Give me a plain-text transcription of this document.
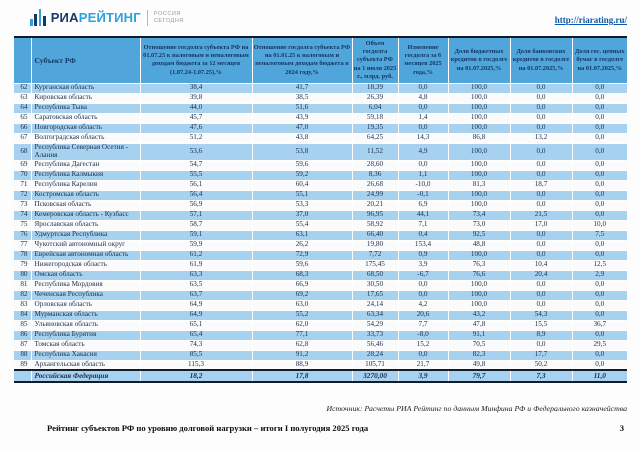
РИАРЕЙТИНГ РОССИЯ
СЕГОДНЯ	http://riarating.ru/
	Субъект РФ	Отношение госдолга субъекта РФ на 01.07.25 к налоговым и неналоговым доходам бюджета за 12 месяцев (1.07.24-1.07.25),%	Отношение госдолга субъекта РФ на 01.01.25 к налоговым и неналоговым доходам бюджета в 2024 году,%	Объем госдолга субъекта РФ на 1 июля 2025 г., млрд. руб.	Изменение госдолга за 6 месяцев 2025 года,%	Доля бюджетных кредитов в госдолге на 01.07.2025,%	Доля банковских кредитов в госдолге на 01.07.2025,%	Доля гос. ценных бумаг в госдолге на 01.07.2025,%
62	Курганская область	38,4	41,7	18,39	0,0	100,0	0,0	0,0
63	Кировская область	39,8	38,5	26,39	4,8	100,0	0,0	0,0
64	Республика Тыва	44,0	51,6	6,04	0,0	100,0	0,0	0,0
65	Саратовская область	45,7	43,9	59,18	1,4	100,0	0,0	0,0
66	Новгородская область	47,6	47,0	19,35	0,0	100,0	0,0	0,0
67	Волгоградская область	51,2	43,8	64,25	14,3	86,8	13,2	0,0
68	Республика Северная Осетия - Алания	53,6	53,8	11,52	4,9	100,0	0,0	0,0
69	Республика Дагестан	54,7	59,6	28,60	0,0	100,0	0,0	0,0
70	Республика Калмыкия	55,5	59,2	8,36	1,1	100,0	0,0	0,0
71	Республика Карелия	56,1	60,4	26,68	-10,0	81,3	18,7	0,0
72	Костромская область	56,4	55,1	24,99	-0,1	100,0	0,0	0,0
73	Псковская область	56,9	53,3	20,21	6,9	100,0	0,0	0,0
74	Кемеровская область - Кузбасс	57,1	37,0	96,95	44,1	73,4	21,5	0,0
75	Ярославская область	58,7	55,4	58,92	7,1	73,0	17,0	10,0
76	Удмуртская Республика	59,1	63,1	66,40	0,4	92,5	0,0	7,5
77	Чукотский автономный округ	59,9	26,2	19,80	153,4	48,8	0,0	0,0
78	Еврейская автономная область	61,2	72,9	7,72	0,9	100,0	0,0	0,0
79	Нижегородская область	61,9	59,6	175,45	3,9	76,3	10,4	12,5
80	Омская область	63,3	68,3	68,50	-6,7	76,6	20,4	2,9
81	Республика Мордовия	63,5	66,9	30,50	0,0	100,0	0,0	0,0
82	Чеченская Республика	63,7	69,2	17,65	0,0	100,0	0,0	0,0
83	Орловская область	64,9	63,0	24,14	4,2	100,0	0,0	0,0
84	Мурманская область	64,9	55,2	63,34	20,6	43,2	54,3	0,0
85	Ульяновская область	65,1	62,0	54,29	7,7	47,8	15,5	36,7
86	Республика Бурятия	65,4	77,1	33,73	-8,0	91,1	8,9	0,0
87	Томская область	74,3	62,8	56,46	15,2	70,5	0,0	29,5
88	Республика Хакасия	85,5	91,2	28,24	0,0	82,3	17,7	0,0
89	Архангельская область	115,3	88,9	105,71	21,7	49,8	50,2	0,0
	Российская Федерация	18,2	17,8	3270,00	3,9	79,7	7,3	11,0
Источник: Расчеты РИА Рейтинг по данным Минфина РФ и Федерального казначейства
Рейтинг субъектов РФ по уровню долговой нагрузки – итоги I полугодия 2025 года	3
